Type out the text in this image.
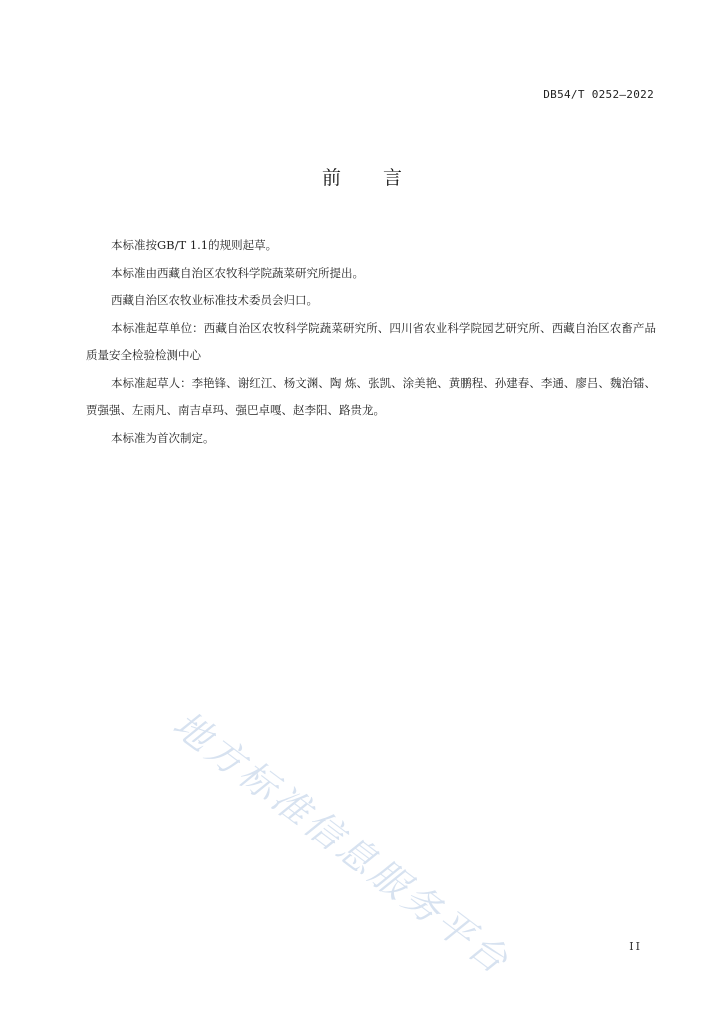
DB54/T 0252—2022
前言

本标准按GB/T 1.1的规则起草。

本标准由西藏自治区农牧科学院蔬菜研究所提出。

西藏自治区农牧业标准技术委员会归口。

本标准起草单位：西藏自治区农牧科学院蔬菜研究所、四川省农业科学院园艺研究所、西藏自治区农畜产品质量安全检验检测中心

本标准起草人：李艳锋、谢红江、杨文渊、陶 炼、张凯、涂美艳、黄鹏程、孙建春、李通、廖吕、魏治镭、贾强强、左雨凡、南吉卓玛、强巴卓嘎、赵李阳、路贵龙。

本标准为首次制定。

地方标准信息服务平台	II
